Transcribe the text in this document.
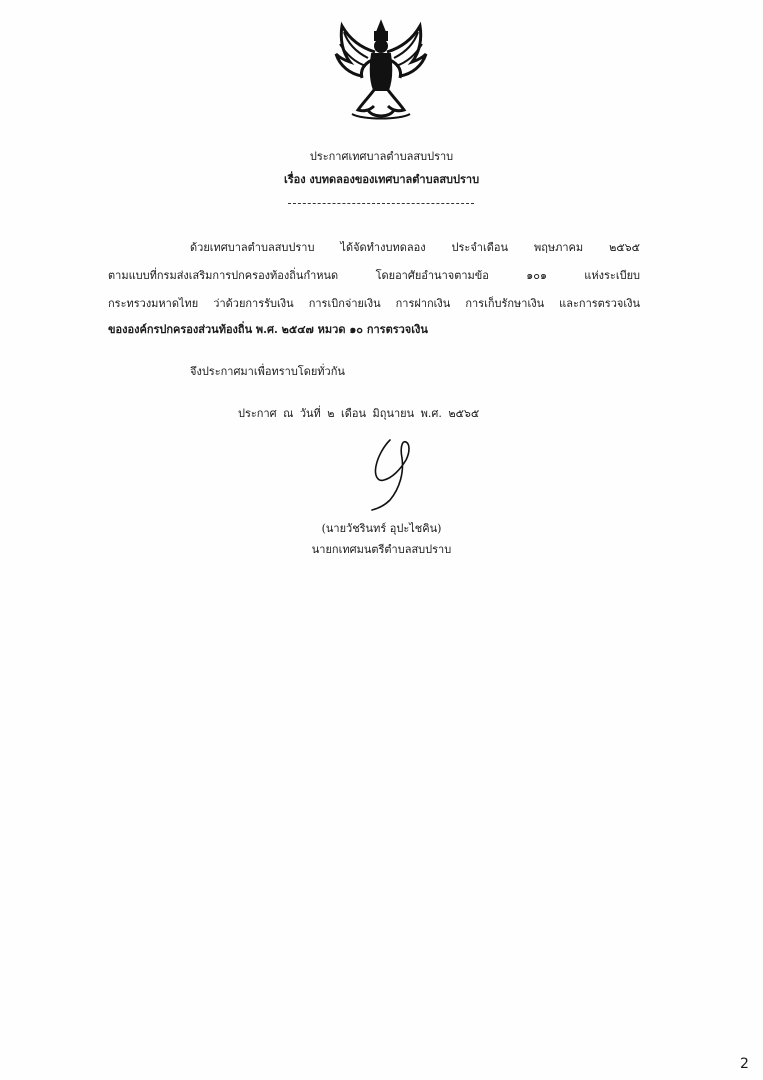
ประกาศเทศบาลตำบลสบปราบ
เรื่อง งบทดลองของเทศบาลตำบลสบปราบ
ด้วยเทศบาลตำบลสบปราบ ได้จัดทำงบทดลอง ประจำเดือน พฤษภาคม ๒๕๖๕
ตามแบบที่กรมส่งเสริมการปกครองท้องถิ่นกำหนด โดยอาศัยอำนาจตามข้อ ๑๐๑ แห่งระเบียบ
กระทรวงมหาดไทย ว่าด้วยการรับเงิน การเบิกจ่ายเงิน การฝากเงิน การเก็บรักษาเงิน และการตรวจเงิน
ขององค์กรปกครองส่วนท้องถิ่น พ.ศ. ๒๕๔๗ หมวด ๑๐ การตรวจเงิน
จึงประกาศมาเพื่อทราบโดยทั่วกัน
ประกาศ ณ วันที่ ๒ เดือน มิถุนายน พ.ศ. ๒๕๖๕
(นายวัชรินทร์ อุปะไชคิน)
นายกเทศมนตรีตำบลสบปราบ
2
